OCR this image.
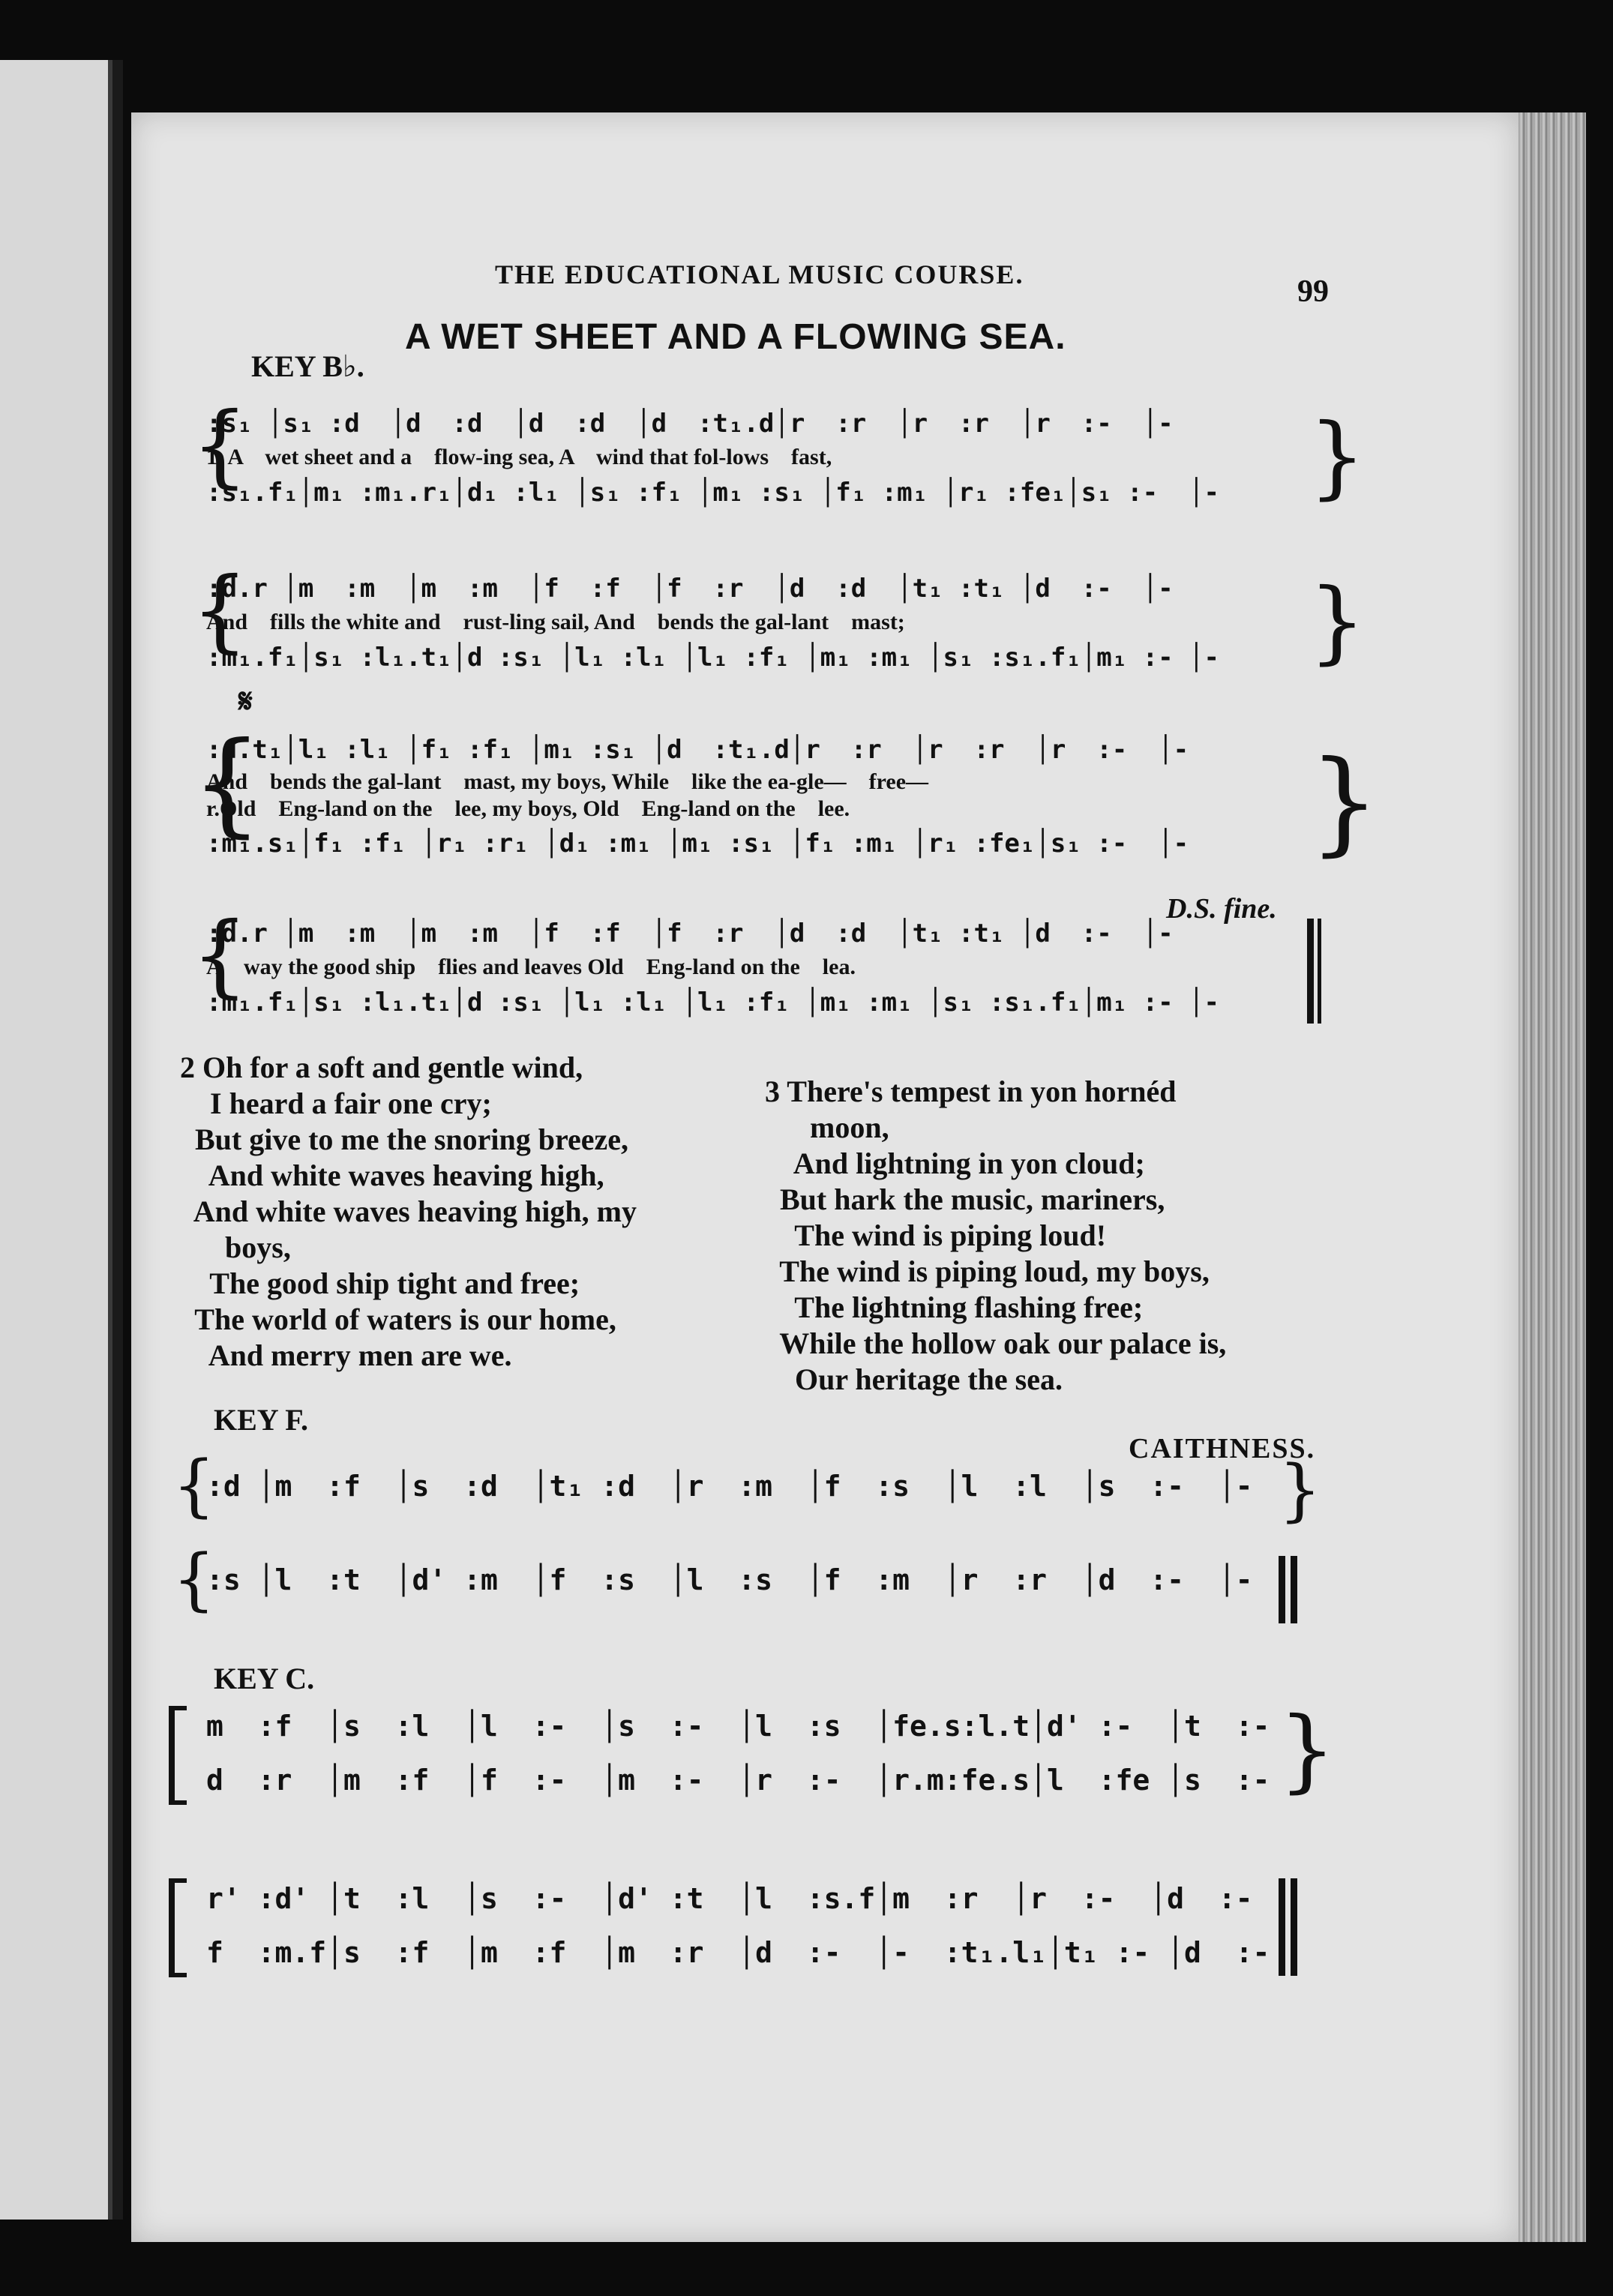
THE EDUCATIONAL MUSIC COURSE.	99
A WET SHEET AND A FLOWING SEA.
KEY B♭.
{
:s₁ │s₁ :d  │d  :d  │d  :d  │d  :t₁.d│r  :r  │r  :r  │r  :-  │-
1. A    wet sheet and a    flow-ing sea, A    wind that fol-lows    fast,
:s₁.f₁│m₁ :m₁.r₁│d₁ :l₁ │s₁ :f₁ │m₁ :s₁ │f₁ :m₁ │r₁ :fe₁│s₁ :-  │- }
{
:d.r │m  :m  │m  :m  │f  :f  │f  :r  │d  :d  │t₁ :t₁ │d  :-  │-
And    fills the white and    rust-ling sail, And    bends the gal-lant    mast;
:m₁.f₁│s₁ :l₁.t₁│d :s₁ │l₁ :l₁ │l₁ :f₁ │m₁ :m₁ │s₁ :s₁.f₁│m₁ :- │- }
𝄋
{
:d.t₁│l₁ :l₁ │f₁ :f₁ │m₁ :s₁ │d  :t₁.d│r  :r  │r  :r  │r  :-  │-
And    bends the gal-lant    mast, my boys, While    like the ea-gle—    free—
r.Old    Eng-land on the    lee, my boys, Old    Eng-land on the    lee.
:m₁.s₁│f₁ :f₁ │r₁ :r₁ │d₁ :m₁ │m₁ :s₁ │f₁ :m₁ │r₁ :fe₁│s₁ :-  │- }
D.S. fine.
{
:d.r │m  :m  │m  :m  │f  :f  │f  :r  │d  :d  │t₁ :t₁ │d  :-  │-
A    way the good ship    flies and leaves Old    Eng-land on the    lea.
:m₁.f₁│s₁ :l₁.t₁│d :s₁ │l₁ :l₁ │l₁ :f₁ │m₁ :m₁ │s₁ :s₁.f₁│m₁ :- │-
2 Oh for a soft and gentle wind,
I heard a fair one cry;
But give to me the snoring breeze,
And white waves heaving high,
And white waves heaving high, my
boys,
The good ship tight and free;
The world of waters is our home,
And merry men are we.
3 There's tempest in yon hornéd
moon,
And lightning in yon cloud;
But hark the music, mariners,
The wind is piping loud!
The wind is piping loud, my boys,
The lightning flashing free;
While the hollow oak our palace is,
Our heritage the sea.
KEY F.
CAITHNESS.
{
:d │m  :f  │s  :d  │t₁ :d  │r  :m  │f  :s  │l  :l  │s  :-  │- }
{
:s │l  :t  │d' :m  │f  :s  │l  :s  │f  :m  │r  :r  │d  :-  │-
KEY C.
m  :f  │s  :l  │l  :-  │s  :-  │l  :s  │fe.s:l.t│d' :-  │t  :-
d  :r  │m  :f  │f  :-  │m  :-  │r  :-  │r.m:fe.s│l  :fe │s  :- }
r' :d' │t  :l  │s  :-  │d' :t  │l  :s.f│m  :r  │r  :-  │d  :-
f  :m.f│s  :f  │m  :f  │m  :r  │d  :-  │-  :t₁.l₁│t₁ :- │d  :-
